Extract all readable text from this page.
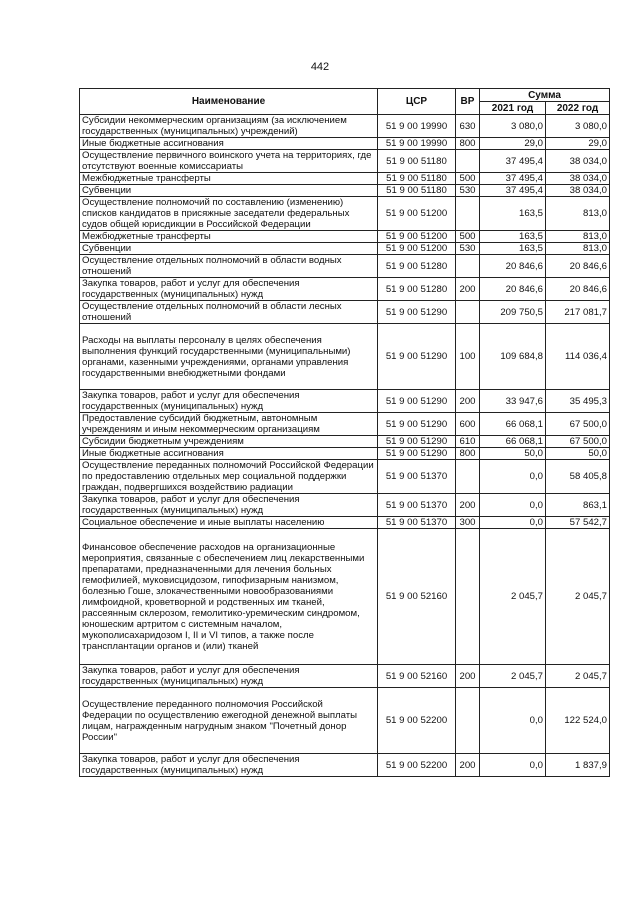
442
Наименование	ЦСР	ВР	Сумма	
			2021 год	2022 год
Субсидии некоммерческим организациям (за исключением государственных (муниципальных) учреждений)	51 9 00 19990	630	3 080,0	3 080,0
Иные бюджетные ассигнования	51 9 00 19990	800	29,0	29,0
Осуществление первичного воинского учета на территориях, где отсутствуют военные комиссариаты	51 9 00 51180		37 495,4	38 034,0
Межбюджетные трансферты	51 9 00 51180	500	37 495,4	38 034,0
Субвенции	51 9 00 51180	530	37 495,4	38 034,0
Осуществление полномочий по составлению (изменению) списков кандидатов в присяжные заседатели федеральных судов общей юрисдикции в Российской Федерации	51 9 00 51200		163,5	813,0
Межбюджетные трансферты	51 9 00 51200	500	163,5	813,0
Субвенции	51 9 00 51200	530	163,5	813,0
Осуществление отдельных полномочий в области водных отношений	51 9 00 51280		20 846,6	20 846,6
Закупка товаров, работ и услуг для обеспечения государственных (муниципальных) нужд	51 9 00 51280	200	20 846,6	20 846,6
Осуществление отдельных полномочий в области лесных отношений	51 9 00 51290		209 750,5	217 081,7
Расходы на выплаты персоналу в целях обеспечения выполнения функций государственными (муниципальными) органами, казенными учреждениями, органами управления государственными внебюджетными фондами	51 9 00 51290	100	109 684,8	114 036,4
Закупка товаров, работ и услуг для обеспечения государственных (муниципальных) нужд	51 9 00 51290	200	33 947,6	35 495,3
Предоставление субсидий бюджетным, автономным учреждениям и иным некоммерческим организациям	51 9 00 51290	600	66 068,1	67 500,0
Субсидии бюджетным учреждениям	51 9 00 51290	610	66 068,1	67 500,0
Иные бюджетные ассигнования	51 9 00 51290	800	50,0	50,0
Осуществление переданных полномочий Российской Федерации по предоставлению отдельных мер социальной поддержки граждан, подвергшихся воздействию радиации	51 9 00 51370		0,0	58 405,8
Закупка товаров, работ и услуг для обеспечения государственных (муниципальных) нужд	51 9 00 51370	200	0,0	863,1
Социальное обеспечение и иные выплаты населению	51 9 00 51370	300	0,0	57 542,7
Финансовое обеспечение расходов на организационные мероприятия, связанные с обеспечением лиц лекарственными препаратами, предназначенными для лечения больных гемофилией, муковисцидозом, гипофизарным нанизмом, болезнью Гоше, злокачественными новообразованиями лимфоидной, кроветворной и родственных им тканей, рассеянным склерозом, гемолитико-уремическим синдромом, юношеским артритом с системным началом, мукополисахаридозом I, II и VI типов, а также после трансплантации органов и (или) тканей	51 9 00 52160		2 045,7	2 045,7
Закупка товаров, работ и услуг для обеспечения государственных (муниципальных) нужд	51 9 00 52160	200	2 045,7	2 045,7
Осуществление переданного полномочия Российской Федерации по осуществлению ежегодной денежной выплаты лицам, награжденным нагрудным знаком "Почетный донор России"	51 9 00 52200		0,0	122 524,0
Закупка товаров, работ и услуг для обеспечения государственных (муниципальных) нужд	51 9 00 52200	200	0,0	1 837,9
